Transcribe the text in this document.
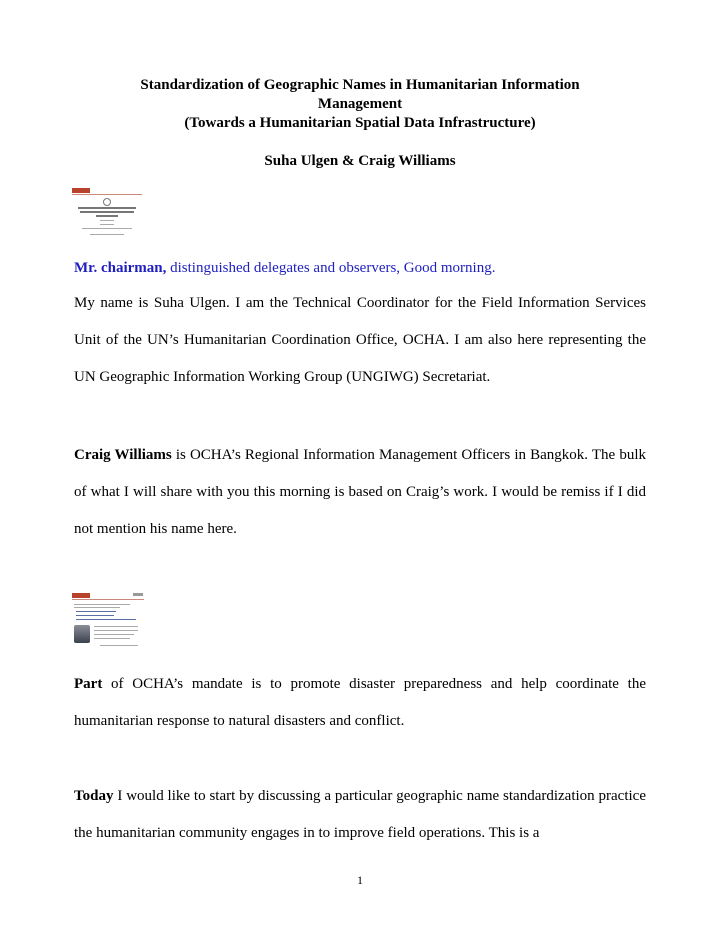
Standardization of Geographic Names in Humanitarian Information
Management
(Towards a Humanitarian Spatial Data Infrastructure)
Suha Ulgen & Craig Williams

Mr. chairman, distinguished delegates and observers, Good morning.

My name is Suha Ulgen. I am the Technical Coordinator for the Field Information Services Unit of the UN’s Humanitarian Coordination Office, OCHA. I am also here representing the UN Geographic Information Working Group (UNGIWG) Secretariat.

Craig Williams is OCHA’s Regional Information Management Officers in Bangkok. The bulk of what I will share with you this morning is based on Craig’s work. I would be remiss if I did not mention his name here.

Part of OCHA’s mandate is to promote disaster preparedness and help coordinate the humanitarian response to natural disasters and conflict.

Today I would like to start by discussing a particular geographic name standardization practice the humanitarian community engages in to improve field operations. This is a

1
